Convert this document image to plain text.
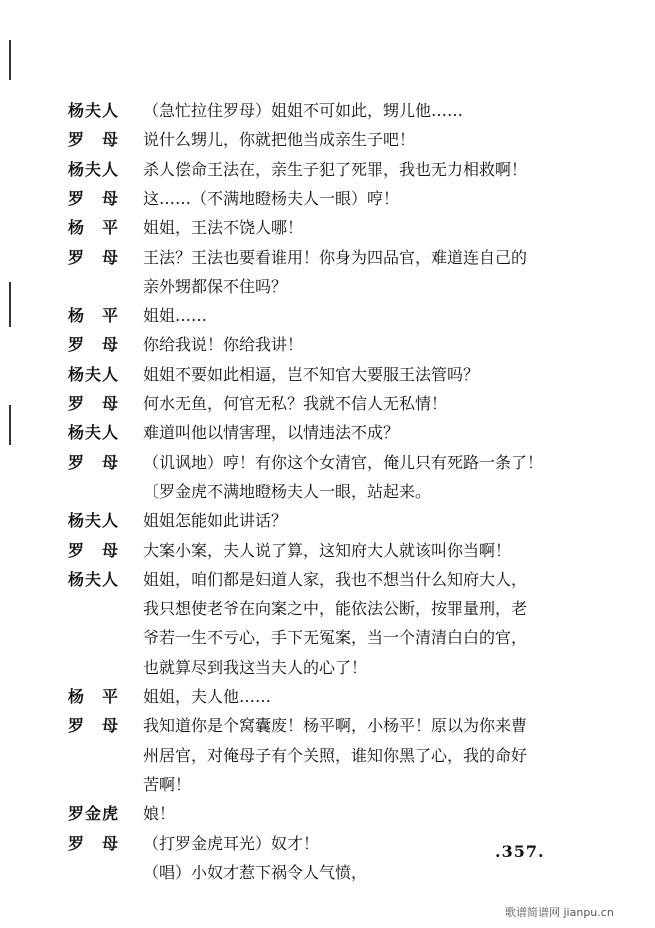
杨夫人	（急忙拉住罗母）姐姐不可如此，甥儿他……
罗　母	说什么甥儿，你就把他当成亲生子吧！
杨夫人	杀人偿命王法在，亲生子犯了死罪，我也无力相救啊！
罗　母	这……（不满地瞪杨夫人一眼）哼！
杨　平	姐姐，王法不饶人哪！
罗　母	王法？王法也要看谁用！你身为四品官，难道连自己的
亲外甥都保不住吗？
杨　平	姐姐……
罗　母	你给我说！你给我讲！
杨夫人	姐姐不要如此相逼，岂不知官大要服王法管吗？
罗　母	何水无鱼，何官无私？我就不信人无私情！
杨夫人	难道叫他以情害理，以情违法不成？
罗　母	（讥讽地）哼！有你这个女清官，俺儿只有死路一条了！
〔罗金虎不满地瞪杨夫人一眼，站起来。
杨夫人	姐姐怎能如此讲话？
罗　母	大案小案，夫人说了算，这知府大人就该叫你当啊！
杨夫人	姐姐，咱们都是妇道人家，我也不想当什么知府大人，
我只想使老爷在向案之中，能依法公断，按罪量刑，老
爷若一生不亏心，手下无冤案，当一个清清白白的官，
也就算尽到我这当夫人的心了！
杨　平	姐姐，夫人他……
罗　母	我知道你是个窝囊废！杨平啊，小杨平！原以为你来曹
州居官，对俺母子有个关照，谁知你黑了心，我的命好
苦啊！
罗金虎	娘！
罗　母	（打罗金虎耳光）奴才！
（唱）小奴才惹下祸令人气愤，
.357.
歌谱简谱网 jianpu.cn
